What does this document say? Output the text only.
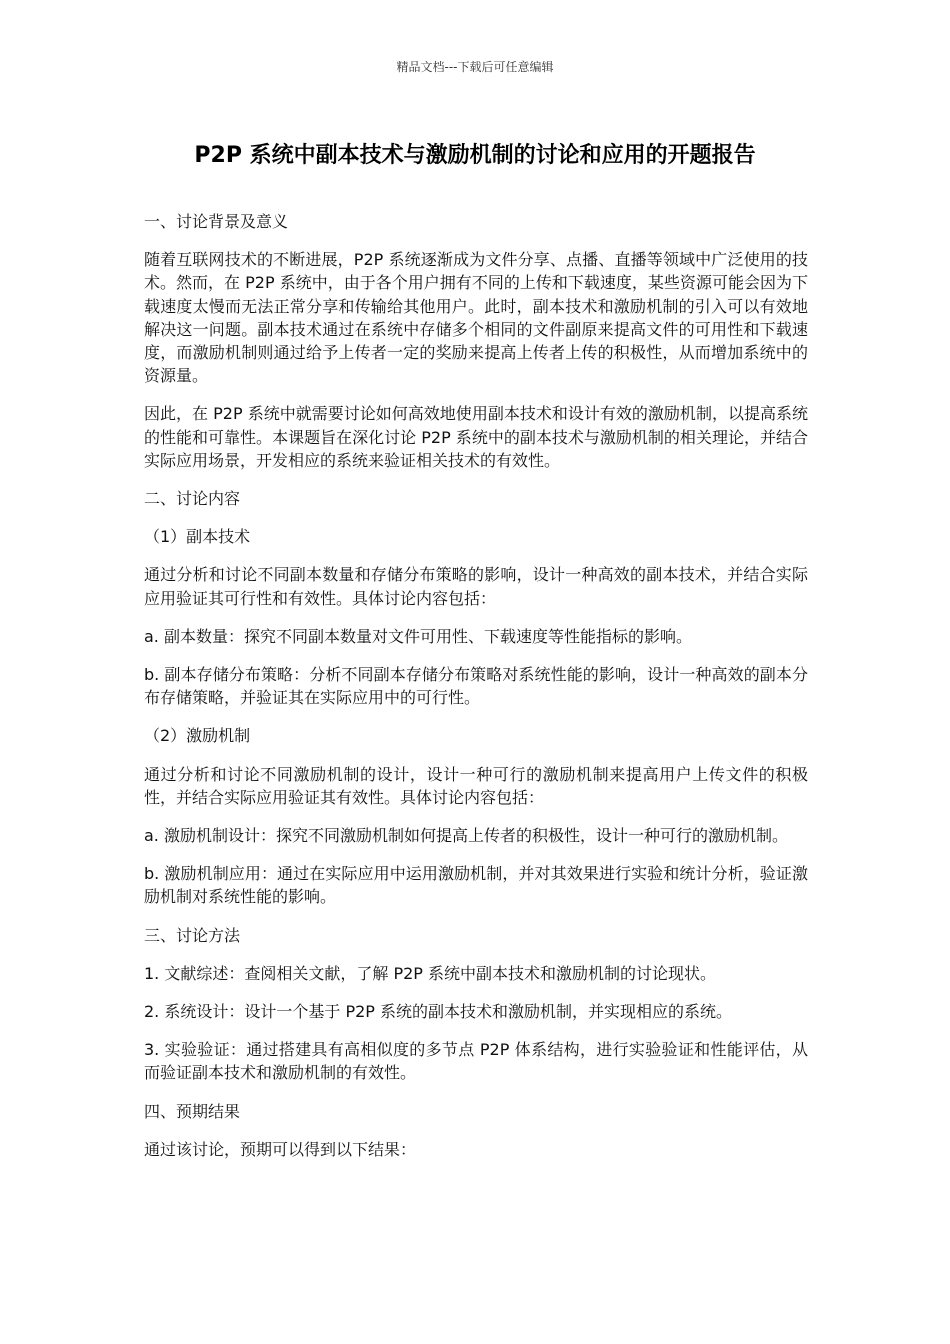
精品文档---下载后可任意编辑
P2P 系统中副本技术与激励机制的讨论和应用的开题报告

一、讨论背景及意义

随着互联网技术的不断进展，P2P 系统逐渐成为文件分享、点播、直播等领域中广泛使用的技术。然而，在 P2P 系统中，由于各个用户拥有不同的上传和下载速度，某些资源可能会因为下载速度太慢而无法正常分享和传输给其他用户。此时，副本技术和激励机制的引入可以有效地解决这一问题。副本技术通过在系统中存储多个相同的文件副原来提高文件的可用性和下载速度，而激励机制则通过给予上传者一定的奖励来提高上传者上传的积极性，从而增加系统中的资源量。

因此，在 P2P 系统中就需要讨论如何高效地使用副本技术和设计有效的激励机制，以提高系统的性能和可靠性。本课题旨在深化讨论 P2P 系统中的副本技术与激励机制的相关理论，并结合实际应用场景，开发相应的系统来验证相关技术的有效性。

二、讨论内容

（1）副本技术

通过分析和讨论不同副本数量和存储分布策略的影响，设计一种高效的副本技术，并结合实际应用验证其可行性和有效性。具体讨论内容包括：

a. 副本数量：探究不同副本数量对文件可用性、下载速度等性能指标的影响。

b. 副本存储分布策略：分析不同副本存储分布策略对系统性能的影响，设计一种高效的副本分布存储策略，并验证其在实际应用中的可行性。

（2）激励机制

通过分析和讨论不同激励机制的设计，设计一种可行的激励机制来提高用户上传文件的积极性，并结合实际应用验证其有效性。具体讨论内容包括：

a. 激励机制设计：探究不同激励机制如何提高上传者的积极性，设计一种可行的激励机制。

b. 激励机制应用：通过在实际应用中运用激励机制，并对其效果进行实验和统计分析，验证激励机制对系统性能的影响。

三、讨论方法

1. 文献综述：查阅相关文献，了解 P2P 系统中副本技术和激励机制的讨论现状。

2. 系统设计：设计一个基于 P2P 系统的副本技术和激励机制，并实现相应的系统。

3. 实验验证：通过搭建具有高相似度的多节点 P2P 体系结构，进行实验验证和性能评估，从而验证副本技术和激励机制的有效性。

四、预期结果

通过该讨论，预期可以得到以下结果：
